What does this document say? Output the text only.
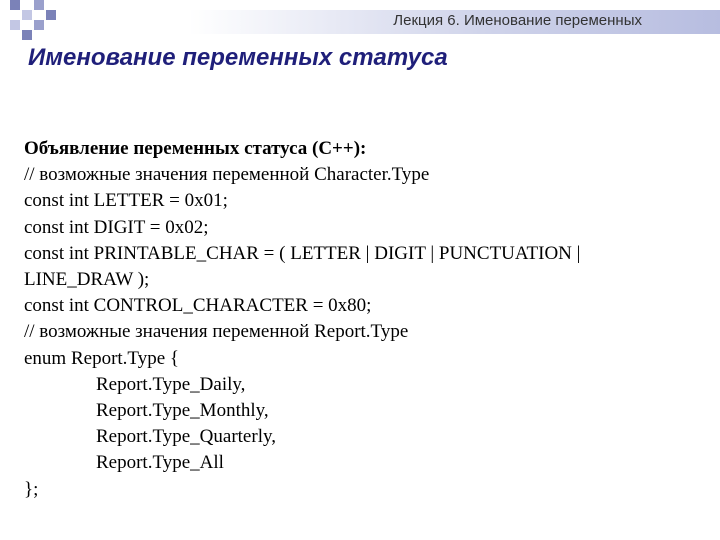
Лекция 6. Именование переменных
Именование переменных статуса
Объявление переменных статуса (C++):
// возможные значения переменной Character.Type
const int LETTER = 0x01;
const int DIGIT = 0x02;
const int PRINTABLE_CHAR = ( LETTER | DIGIT | PUNCTUATION |
LINE_DRAW );
const int CONTROL_CHARACTER = 0x80;
// возможные значения переменной Report.Type
enum Report.Type {
Report.Type_Daily,
Report.Type_Monthly,
Report.Type_Quarterly,
Report.Type_All
};
